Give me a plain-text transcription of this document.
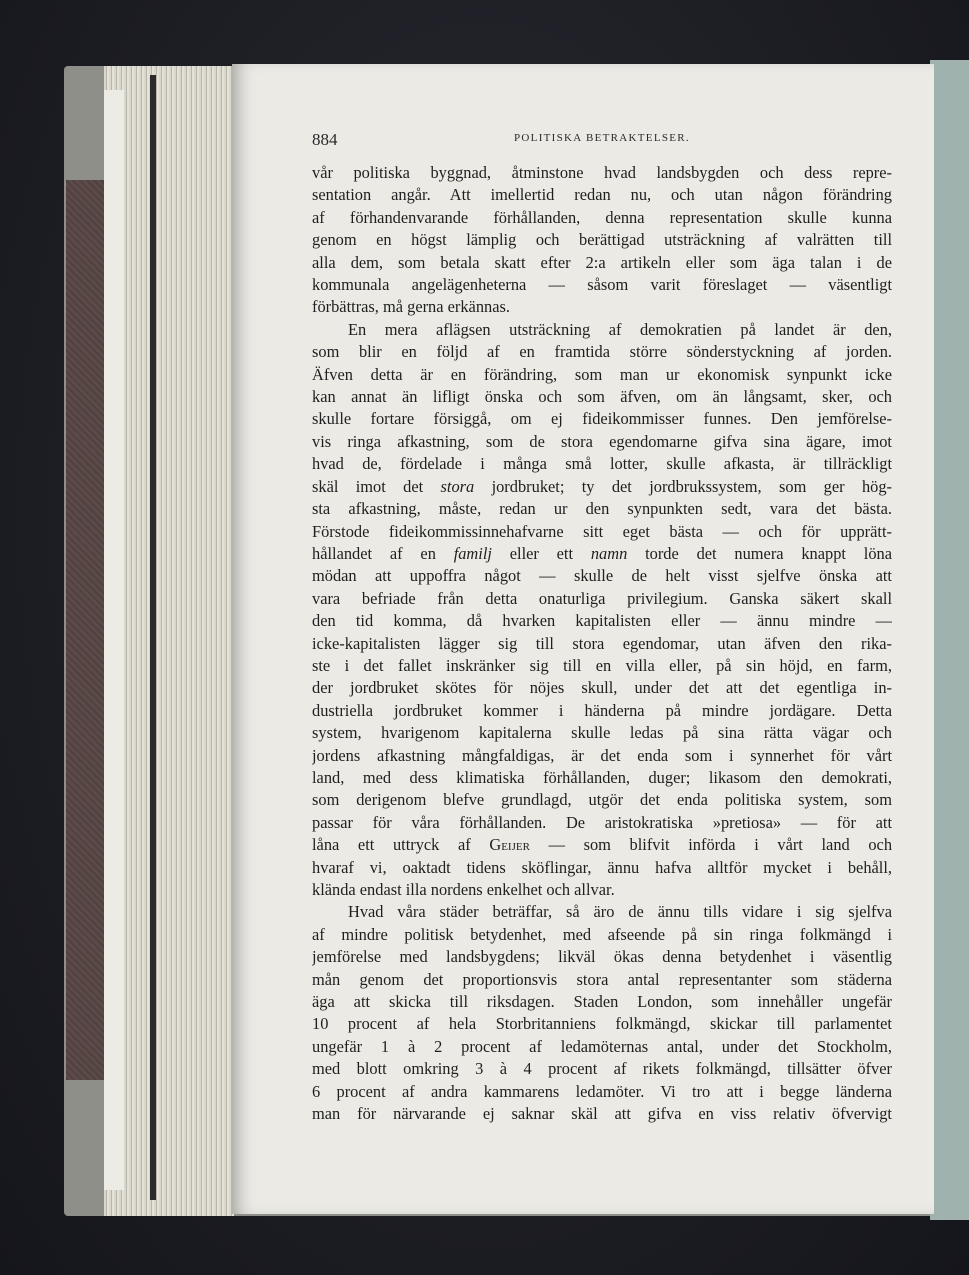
884	POLITISKA BETRAKTELSER.
vår politiska byggnad, åtminstone hvad landsbygden och dess repre-
sentation angår. Att imellertid redan nu, och utan någon förändring
af förhandenvarande förhållanden, denna representation skulle kunna
genom en högst lämplig och berättigad utsträckning af valrätten till
alla dem, som betala skatt efter 2:a artikeln eller som äga talan i de
kommunala angelägenheterna — såsom varit föreslaget — väsentligt
förbättras, må gerna erkännas.
En mera aflägsen utsträckning af demokratien på landet är den,
som blir en följd af en framtida större sönderstyckning af jorden.
Äfven detta är en förändring, som man ur ekonomisk synpunkt icke
kan annat än lifligt önska och som äfven, om än långsamt, sker, och
skulle fortare försiggå, om ej fideikommisser funnes. Den jemförelse-
vis ringa afkastning, som de stora egendomarne gifva sina ägare, imot
hvad de, fördelade i många små lotter, skulle afkasta, är tillräckligt
skäl imot det stora jordbruket; ty det jordbrukssystem, som ger hög-
sta afkastning, måste, redan ur den synpunkten sedt, vara det bästa.
Förstode fideikommissinnehafvarne sitt eget bästa — och för upprätt-
hållandet af en familj eller ett namn torde det numera knappt löna
mödan att uppoffra något — skulle de helt visst sjelfve önska att
vara befriade från detta onaturliga privilegium. Ganska säkert skall
den tid komma, då hvarken kapitalisten eller — ännu mindre —
icke-kapitalisten lägger sig till stora egendomar, utan äfven den rika-
ste i det fallet inskränker sig till en villa eller, på sin höjd, en farm,
der jordbruket skötes för nöjes skull, under det att det egentliga in-
dustriella jordbruket kommer i händerna på mindre jordägare. Detta
system, hvarigenom kapitalerna skulle ledas på sina rätta vägar och
jordens afkastning mångfaldigas, är det enda som i synnerhet för vårt
land, med dess klimatiska förhållanden, duger; likasom den demokrati,
som derigenom blefve grundlagd, utgör det enda politiska system, som
passar för våra förhållanden. De aristokratiska »pretiosa» — för att
låna ett uttryck af Geijer — som blifvit införda i vårt land och
hvaraf vi, oaktadt tidens sköflingar, ännu hafva alltför mycket i behåll,
klända endast illa nordens enkelhet och allvar.
Hvad våra städer beträffar, så äro de ännu tills vidare i sig sjelfva
af mindre politisk betydenhet, med afseende på sin ringa folkmängd i
jemförelse med landsbygdens; likväl ökas denna betydenhet i väsentlig
mån genom det proportionsvis stora antal representanter som städerna
äga att skicka till riksdagen. Staden London, som innehåller ungefär
10 procent af hela Storbritanniens folkmängd, skickar till parlamentet
ungefär 1 à 2 procent af ledamöternas antal, under det Stockholm,
med blott omkring 3 à 4 procent af rikets folkmängd, tillsätter öfver
6 procent af andra kammarens ledamöter. Vi tro att i begge länderna
man för närvarande ej saknar skäl att gifva en viss relativ öfvervigt
